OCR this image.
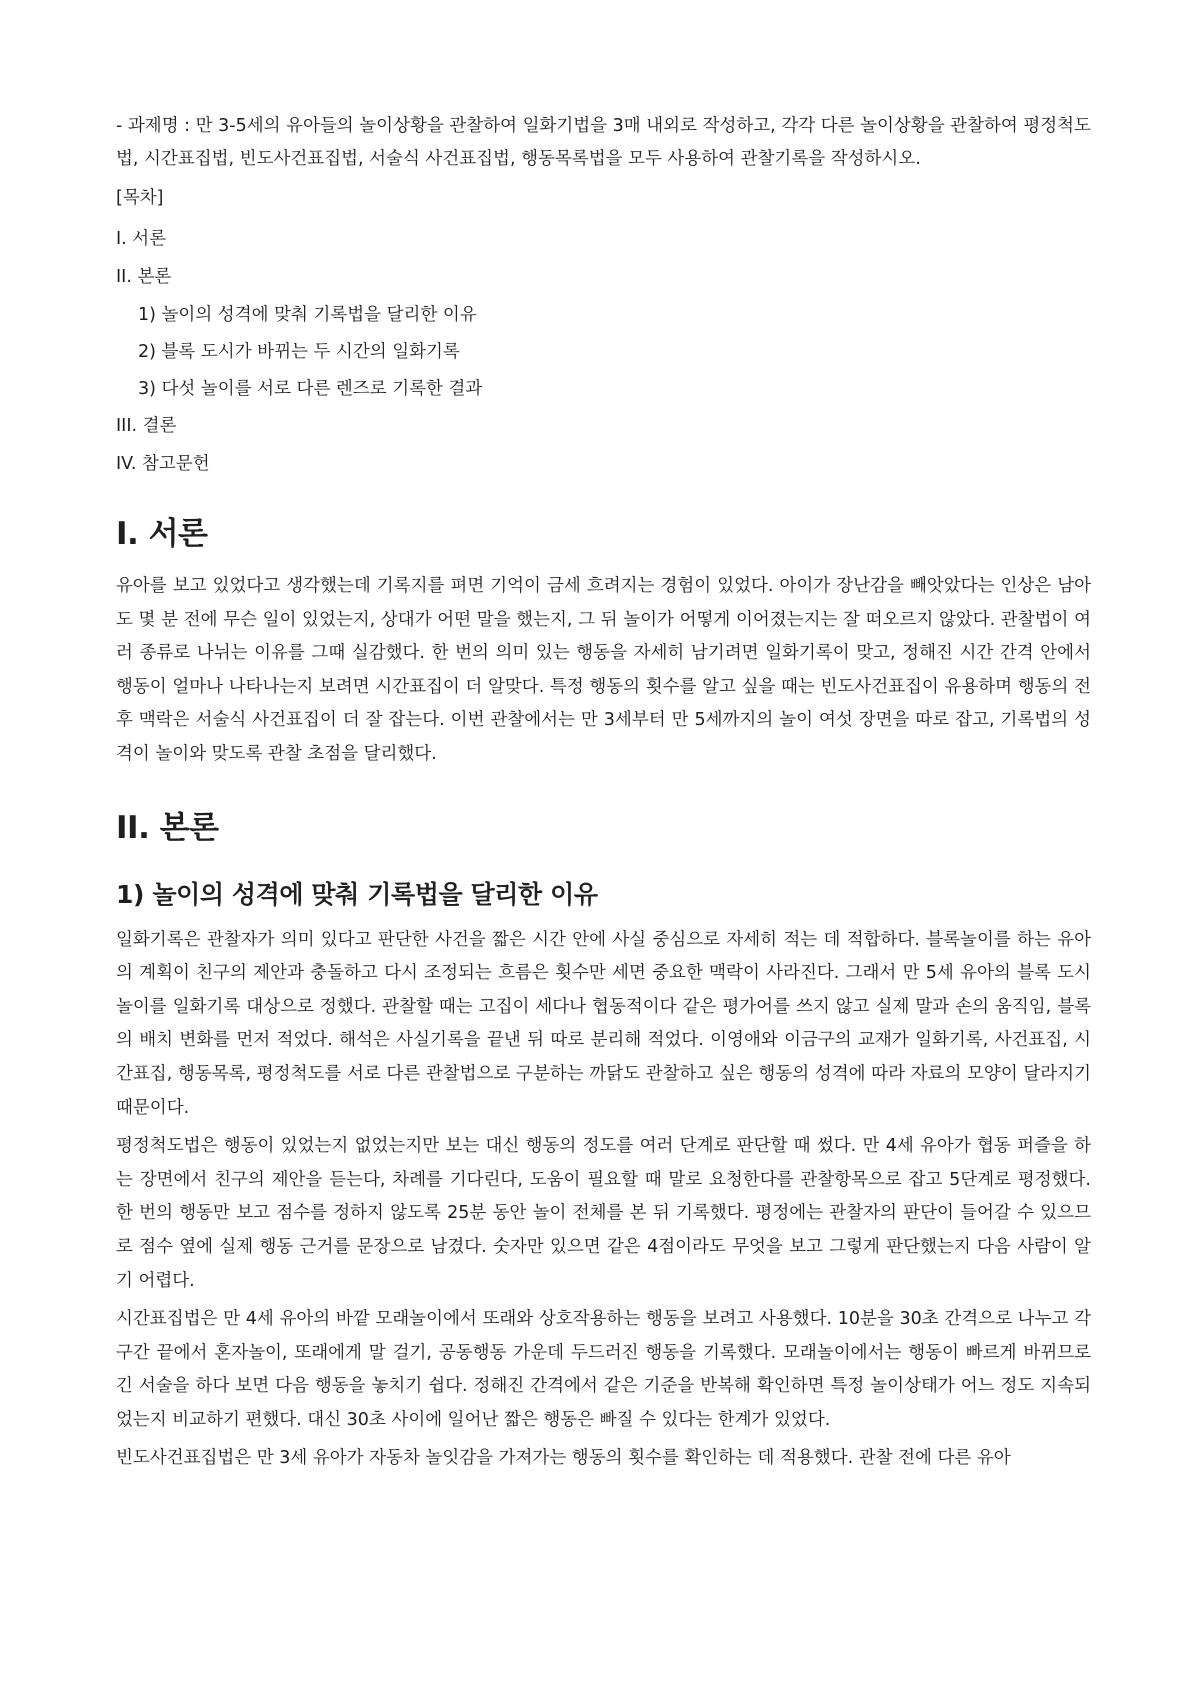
- 과제명 : 만 3-5세의 유아들의 놀이상황을 관찰하여 일화기법을 3매 내외로 작성하고, 각각 다른 놀이상황을 관찰하여 평정척도법, 시간표집법, 빈도사건표집법, 서술식 사건표집법, 행동목록법을 모두 사용하여 관찰기록을 작성하시오.

[목차]
I. 서론
II. 본론
1) 놀이의 성격에 맞춰 기록법을 달리한 이유
2) 블록 도시가 바뀌는 두 시간의 일화기록
3) 다섯 놀이를 서로 다른 렌즈로 기록한 결과
III. 결론
IV. 참고문헌
I. 서론

유아를 보고 있었다고 생각했는데 기록지를 펴면 기억이 금세 흐려지는 경험이 있었다. 아이가 장난감을 빼앗았다는 인상은 남아도 몇 분 전에 무슨 일이 있었는지, 상대가 어떤 말을 했는지, 그 뒤 놀이가 어떻게 이어졌는지는 잘 떠오르지 않았다. 관찰법이 여러 종류로 나뉘는 이유를 그때 실감했다. 한 번의 의미 있는 행동을 자세히 남기려면 일화기록이 맞고, 정해진 시간 간격 안에서 행동이 얼마나 나타나는지 보려면 시간표집이 더 알맞다. 특정 행동의 횟수를 알고 싶을 때는 빈도사건표집이 유용하며 행동의 전후 맥락은 서술식 사건표집이 더 잘 잡는다. 이번 관찰에서는 만 3세부터 만 5세까지의 놀이 여섯 장면을 따로 잡고, 기록법의 성격이 놀이와 맞도록 관찰 초점을 달리했다.

II. 본론
1) 놀이의 성격에 맞춰 기록법을 달리한 이유

일화기록은 관찰자가 의미 있다고 판단한 사건을 짧은 시간 안에 사실 중심으로 자세히 적는 데 적합하다. 블록놀이를 하는 유아의 계획이 친구의 제안과 충돌하고 다시 조정되는 흐름은 횟수만 세면 중요한 맥락이 사라진다. 그래서 만 5세 유아의 블록 도시 놀이를 일화기록 대상으로 정했다. 관찰할 때는 고집이 세다나 협동적이다 같은 평가어를 쓰지 않고 실제 말과 손의 움직임, 블록의 배치 변화를 먼저 적었다. 해석은 사실기록을 끝낸 뒤 따로 분리해 적었다. 이영애와 이금구의 교재가 일화기록, 사건표집, 시간표집, 행동목록, 평정척도를 서로 다른 관찰법으로 구분하는 까닭도 관찰하고 싶은 행동의 성격에 따라 자료의 모양이 달라지기 때문이다.

평정척도법은 행동이 있었는지 없었는지만 보는 대신 행동의 정도를 여러 단계로 판단할 때 썼다. 만 4세 유아가 협동 퍼즐을 하는 장면에서 친구의 제안을 듣는다, 차례를 기다린다, 도움이 필요할 때 말로 요청한다를 관찰항목으로 잡고 5단계로 평정했다. 한 번의 행동만 보고 점수를 정하지 않도록 25분 동안 놀이 전체를 본 뒤 기록했다. 평정에는 관찰자의 판단이 들어갈 수 있으므로 점수 옆에 실제 행동 근거를 문장으로 남겼다. 숫자만 있으면 같은 4점이라도 무엇을 보고 그렇게 판단했는지 다음 사람이 알기 어렵다.

시간표집법은 만 4세 유아의 바깥 모래놀이에서 또래와 상호작용하는 행동을 보려고 사용했다. 10분을 30초 간격으로 나누고 각 구간 끝에서 혼자놀이, 또래에게 말 걸기, 공동행동 가운데 두드러진 행동을 기록했다. 모래놀이에서는 행동이 빠르게 바뀌므로 긴 서술을 하다 보면 다음 행동을 놓치기 쉽다. 정해진 간격에서 같은 기준을 반복해 확인하면 특정 놀이상태가 어느 정도 지속되었는지 비교하기 편했다. 대신 30초 사이에 일어난 짧은 행동은 빠질 수 있다는 한계가 있었다.

빈도사건표집법은 만 3세 유아가 자동차 놀잇감을 가져가는 행동의 횟수를 확인하는 데 적용했다. 관찰 전에 다른 유아
